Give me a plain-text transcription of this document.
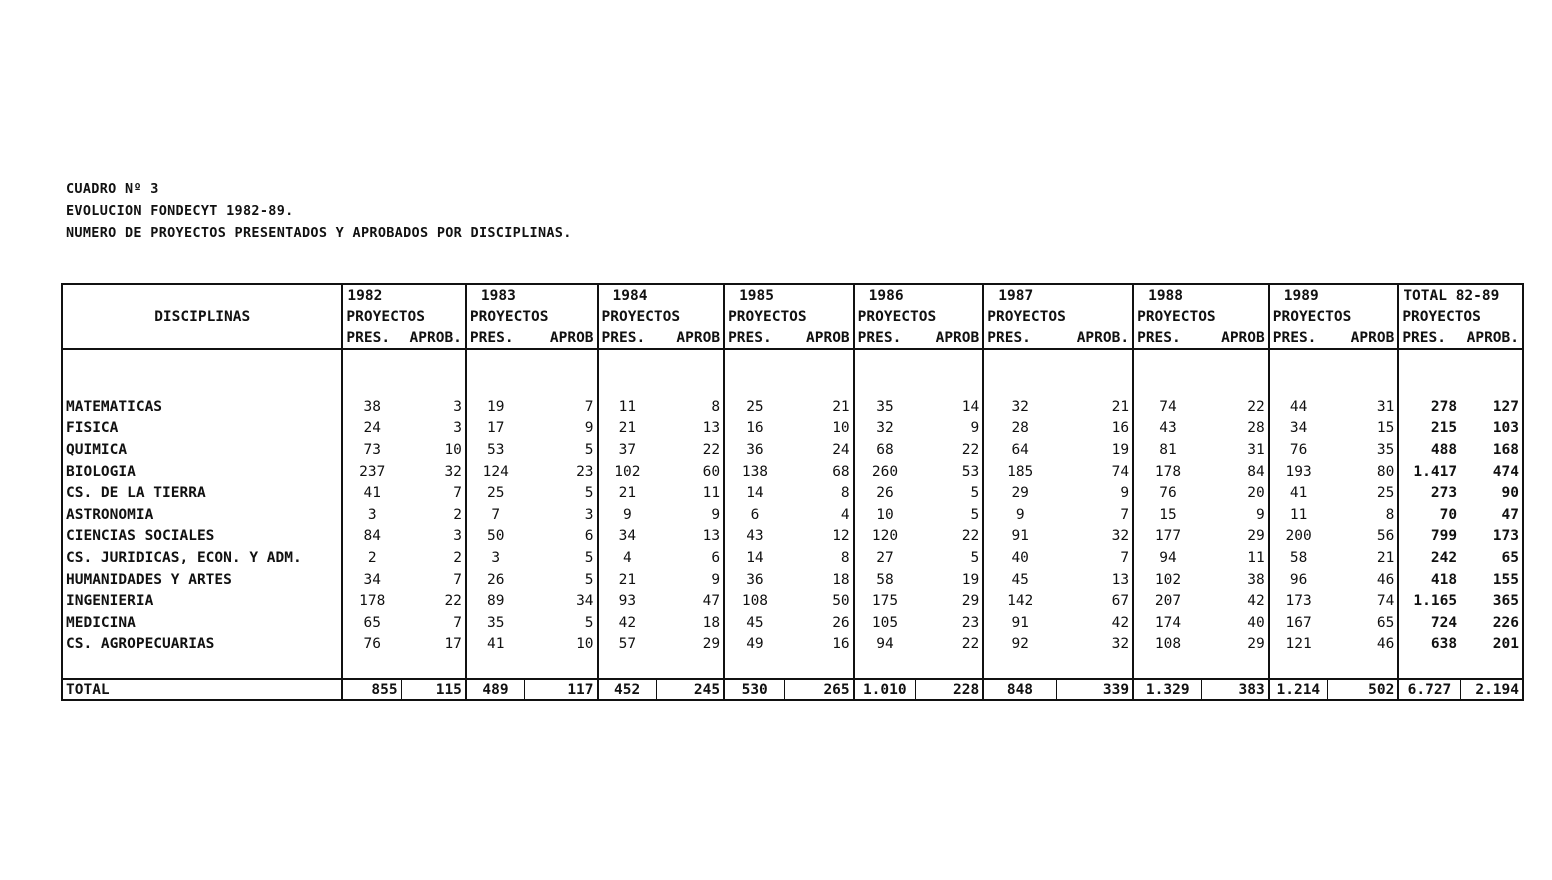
CUADRO Nº 3
EVOLUCION FONDECYT 1982-89.
NUMERO DE PROYECTOS PRESENTADOS Y APROBADOS POR DISCIPLINAS.
DISCIPLINAS	1982		1983		1984		1985		1986		1987		1988		1989		TOTAL 82-89	
	PROYECTOS		PROYECTOS		PROYECTOS		PROYECTOS		PROYECTOS		PROYECTOS		PROYECTOS		PROYECTOS		PROYECTOS	
	PRES.	APROB.	PRES.	APROB	PRES.	APROB	PRES.	APROB	PRES.	APROB	PRES.	APROB.	PRES.	APROB	PRES.	APROB	PRES.	APROB.

MATEMATICAS	38	3	19	7	11	8	25	21	35	14	32	21	74	22	44	31	278	127
FISICA	24	3	17	9	21	13	16	10	32	9	28	16	43	28	34	15	215	103
QUIMICA	73	10	53	5	37	22	36	24	68	22	64	19	81	31	76	35	488	168
BIOLOGIA	237	32	124	23	102	60	138	68	260	53	185	74	178	84	193	80	1.417	474
CS. DE LA TIERRA	41	7	25	5	21	11	14	8	26	5	29	9	76	20	41	25	273	90
ASTRONOMIA	3	2	7	3	9	9	6	4	10	5	9	7	15	9	11	8	70	47
CIENCIAS SOCIALES	84	3	50	6	34	13	43	12	120	22	91	32	177	29	200	56	799	173
CS. JURIDICAS, ECON. Y ADM.	2	2	3	5	4	6	14	8	27	5	40	7	94	11	58	21	242	65
HUMANIDADES Y ARTES	34	7	26	5	21	9	36	18	58	19	45	13	102	38	96	46	418	155
INGENIERIA	178	22	89	34	93	47	108	50	175	29	142	67	207	42	173	74	1.165	365
MEDICINA	65	7	35	5	42	18	45	26	105	23	91	42	174	40	167	65	724	226
CS. AGROPECUARIAS	76	17	41	10	57	29	49	16	94	22	92	32	108	29	121	46	638	201

TOTAL	855	115	489	117	452	245	530	265	1.010	228	848	339	1.329	383	1.214	502	6.727	2.194
